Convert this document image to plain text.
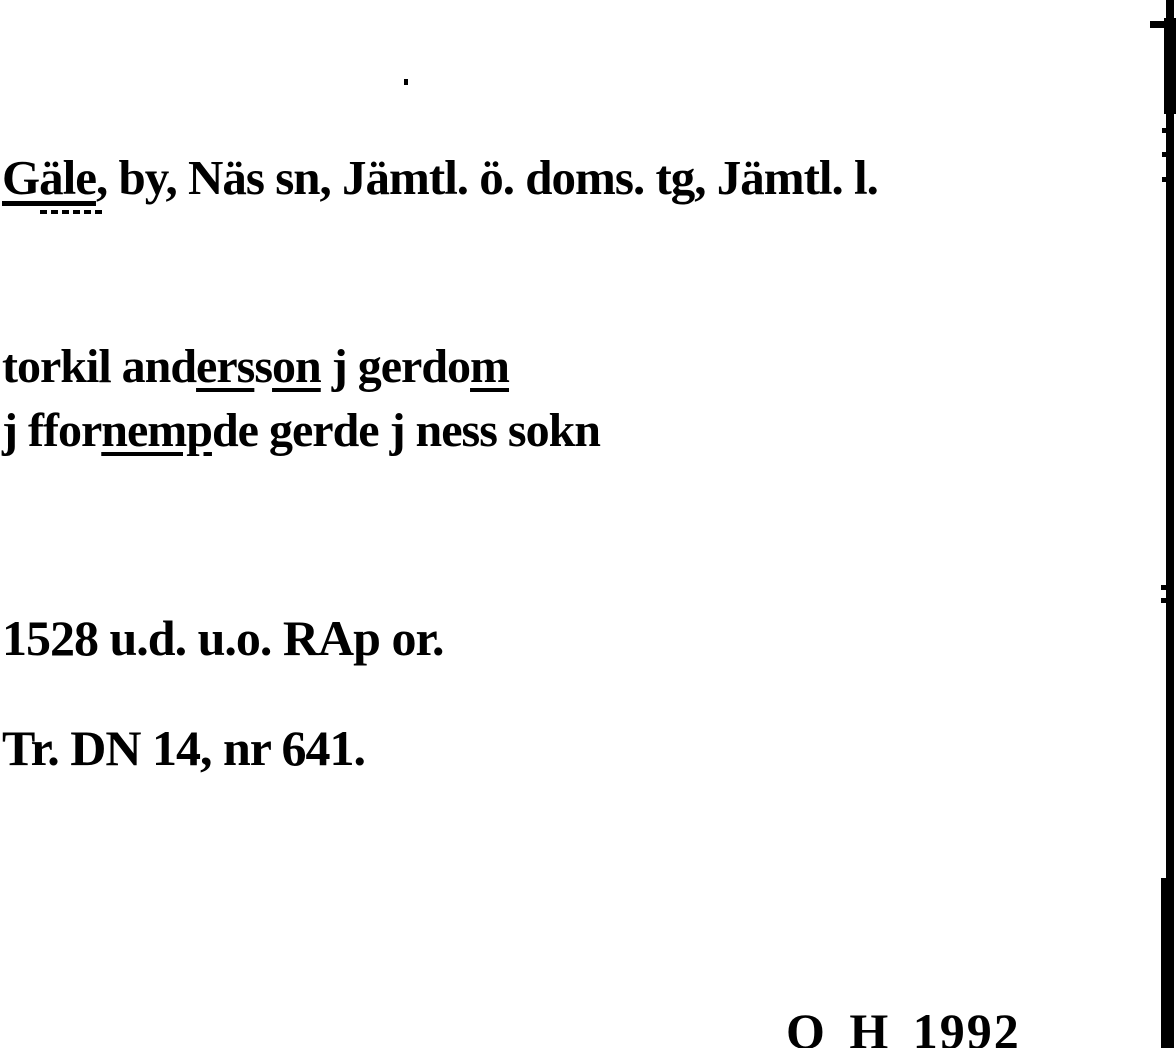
Gäle, by, Näs sn, Jämtl. ö. doms. tg, Jämtl. l.
torkil andersson j gerdom
j ffornempde gerde j ness sokn
1528 u.d. u.o. RAp or.
Tr. DN 14, nr 641.
O H 1992
